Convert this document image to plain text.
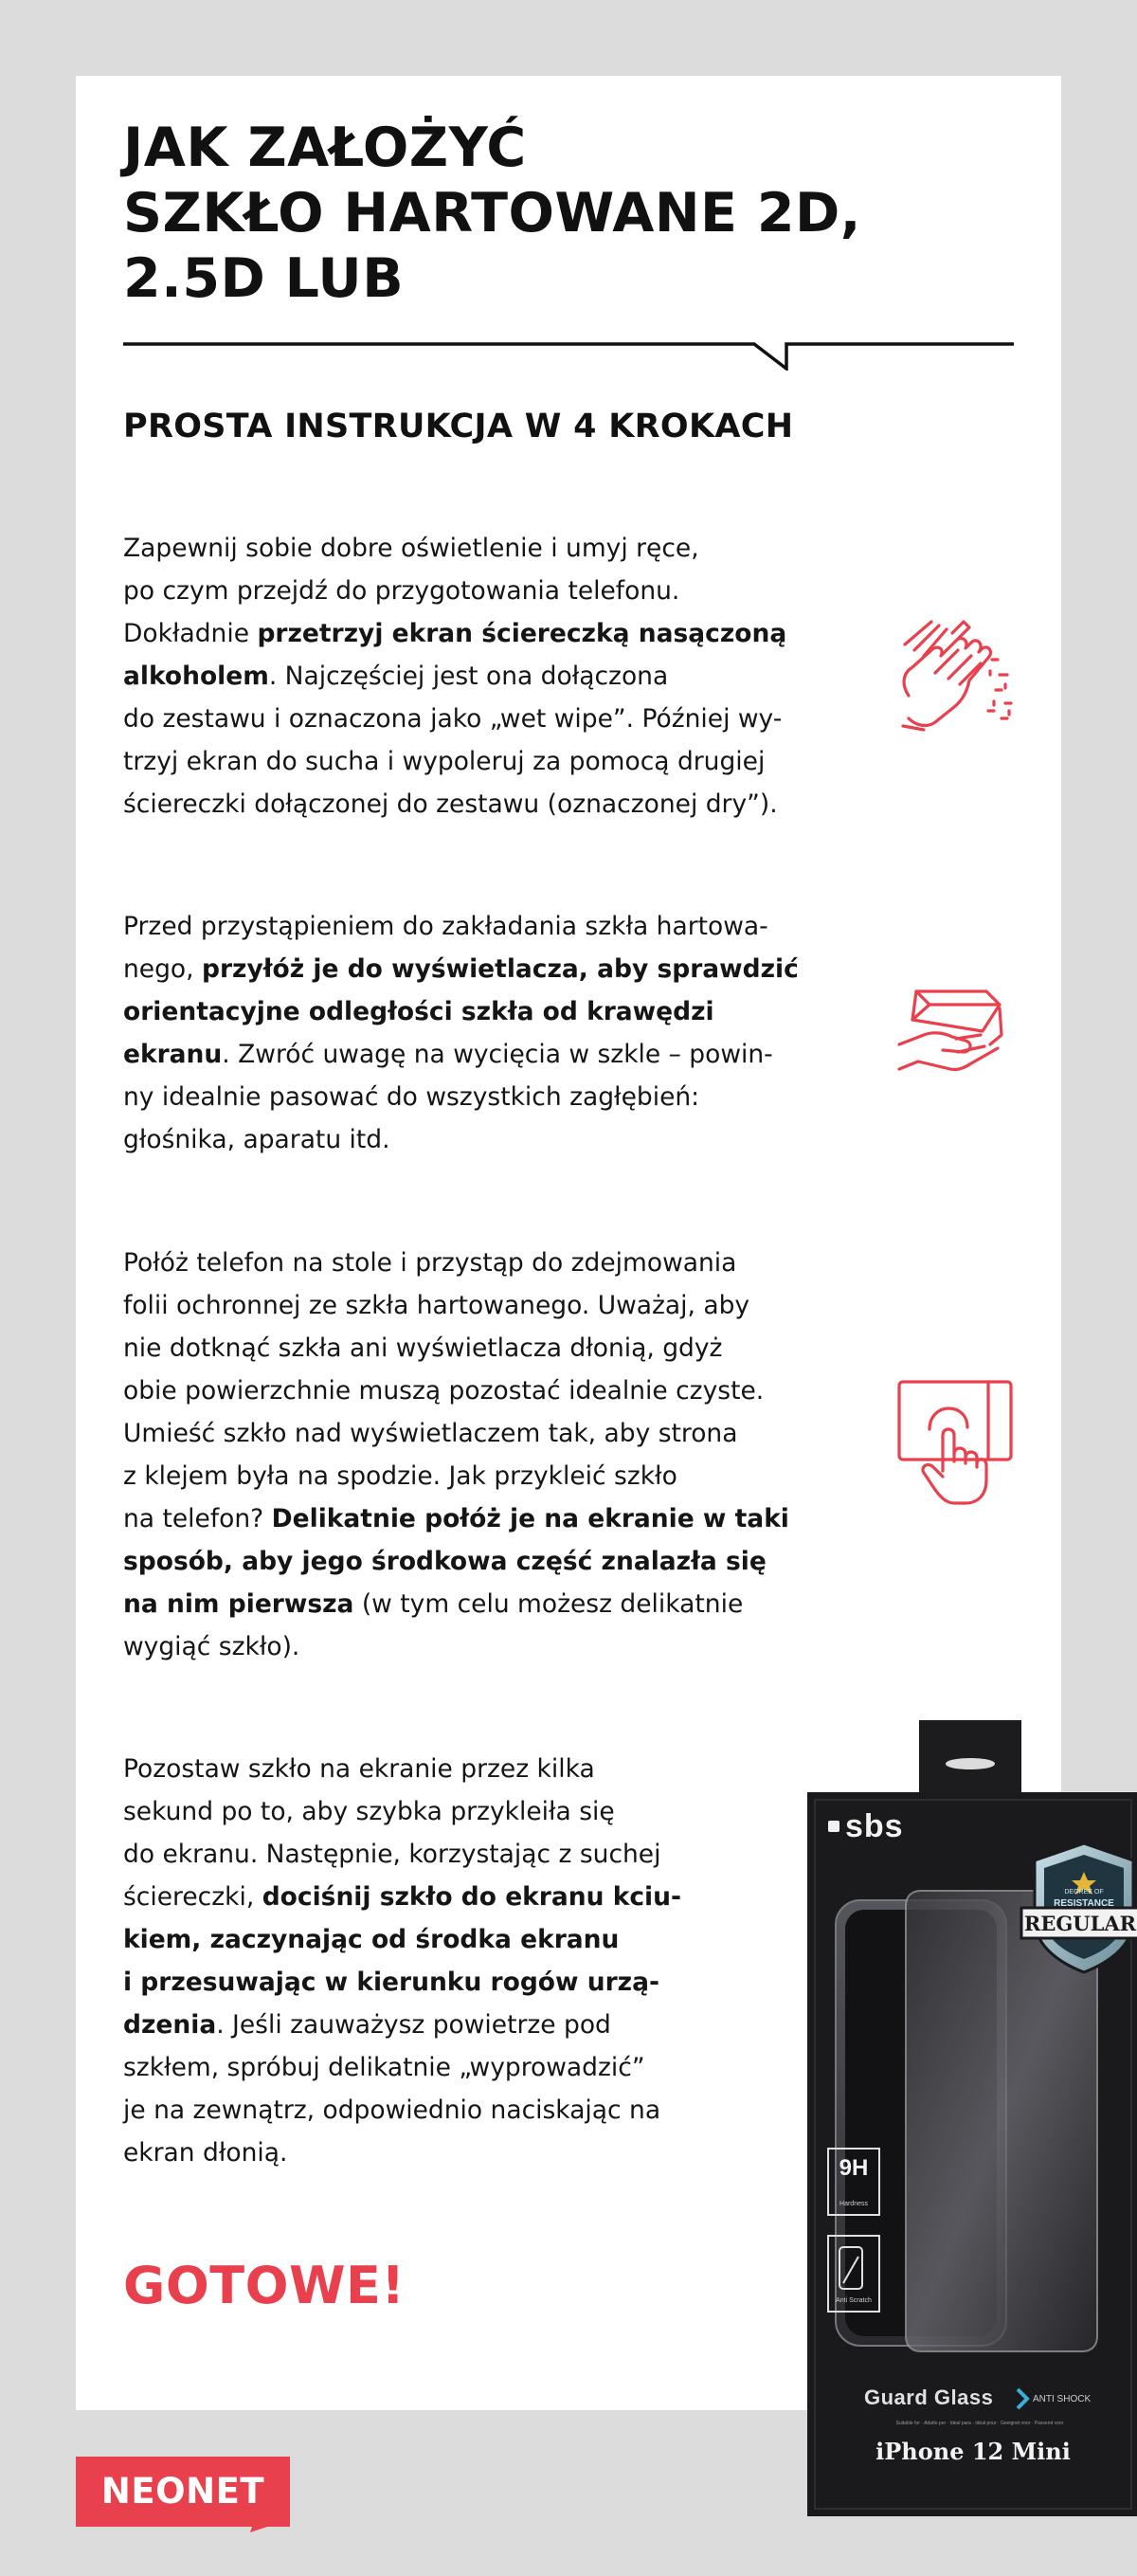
JAK ZAŁOŻYĆ
SZKŁO HARTOWANE 2D,
2.5D LUB
PROSTA INSTRUKCJA W 4 KROKACH
Zapewnij sobie dobre oświetlenie i umyj ręce,
po czym przejdź do przygotowania telefonu.
Dokładnie przetrzyj ekran ściereczką nasączoną
alkoholem. Najczęściej jest ona dołączona
do zestawu i oznaczona jako „wet wipe”. Później wy-
trzyj ekran do sucha i wypoleruj za pomocą drugiej
ściereczki dołączonej do zestawu (oznaczonej dry”).
Przed przystąpieniem do zakładania szkła hartowa-
nego, przyłóż je do wyświetlacza, aby sprawdzić
orientacyjne odległości szkła od krawędzi
ekranu. Zwróć uwagę na wycięcia w szkle – powin-
ny idealnie pasować do wszystkich zagłębień:
głośnika, aparatu itd.
Połóż telefon na stole i przystąp do zdejmowania
folii ochronnej ze szkła hartowanego. Uważaj, aby
nie dotknąć szkła ani wyświetlacza dłonią, gdyż
obie powierzchnie muszą pozostać idealnie czyste.
Umieść szkło nad wyświetlaczem tak, aby strona
z klejem była na spodzie. Jak przykleić szkło
na telefon? Delikatnie połóż je na ekranie w taki
sposób, aby jego środkowa część znalazła się
na nim pierwsza (w tym celu możesz delikatnie
wygiąć szkło).
Pozostaw szkło na ekranie przez kilka
sekund po to, aby szybka przykleiła się
do ekranu. Następnie, korzystając z suchej
ściereczki, dociśnij szkło do ekranu kciu-
kiem, zaczynając od środka ekranu
i przesuwając w kierunku rogów urzą-
dzenia. Jeśli zauważysz powietrze pod
szkłem, spróbuj delikatnie „wyprowadzić”
je na zewnątrz, odpowiednio naciskając na
ekran dłonią.
GOTOWE!
sbs
DEGREE OF
RESISTANCE
REGULAR
9H
Hardness
Anti Scratch
Guard Glass	ANTI SHOCK
Suitable for · Adatto per · Ideal para · Idéal pour · Geeignet voor · Passend voor
iPhone 12 Mini
NEONET
